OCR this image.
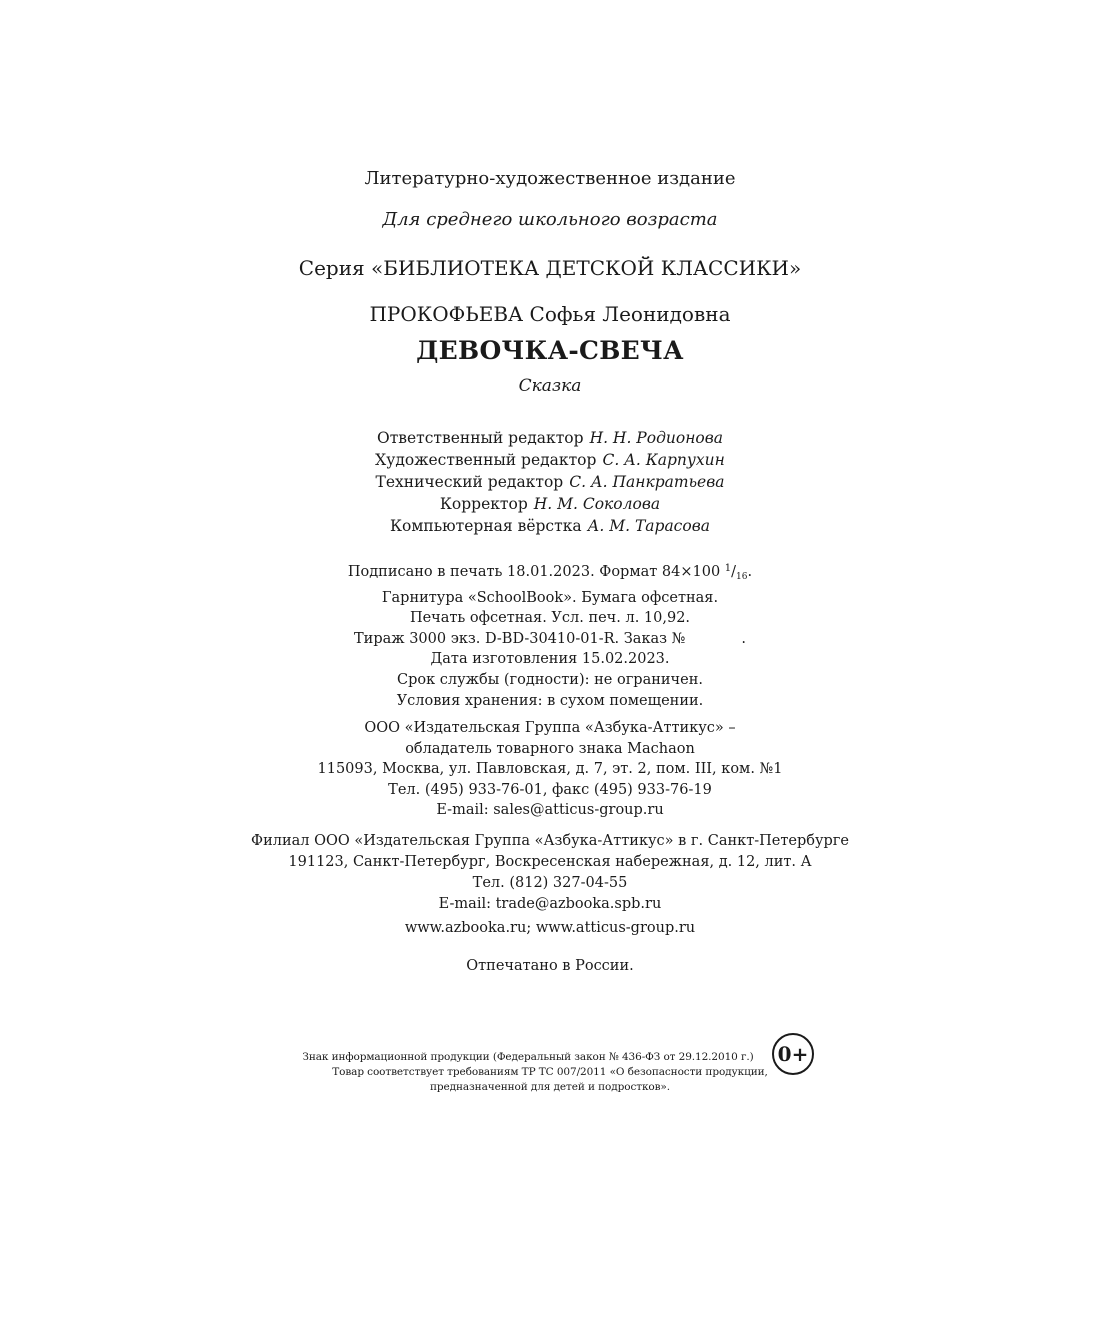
Литературно-художественное издание
Для среднего школьного возраста
Серия «БИБЛИОТЕКА ДЕТСКОЙ КЛАССИКИ»
ПРОКОФЬЕВА Софья Леонидовна
ДЕВОЧКА-СВЕЧА
Сказка
Ответственный редактор Н. Н. Родионова
Художественный редактор С. А. Карпухин
Технический редактор С. А. Панкратьева
Корректор Н. М. Соколова
Компьютерная вёрстка А. М. Тарасова
Подписано в печать 18.01.2023. Формат 84×100 $^1/_{16}$.
Гарнитура «SchoolBook». Бумага офсетная.
Печать офсетная. Усл. печ. л. 10,92.
Тираж 3000 экз. D-BD-30410-01-R. Заказ №	.
Дата изготовления 15.02.2023.
Срок службы (годности): не ограничен.
Условия хранения: в сухом помещении.
ООО «Издательская Группа «Азбука-Аттикус» –
обладатель товарного знака Machaon
115093, Москва, ул. Павловская, д. 7, эт. 2, пом. III, ком. №1
Тел. (495) 933-76-01, факс (495) 933-76-19
E-mail: sales@atticus-group.ru
Филиал ООО «Издательская Группа «Азбука-Аттикус» в г. Санкт-Петербурге
191123, Санкт-Петербург, Воскресенская набережная, д. 12, лит. А
Тел. (812) 327-04-55
E-mail: trade@azbooka.spb.ru
www.azbooka.ru; www.atticus-group.ru
Отпечатано в России.
Знак информационной продукции (Федеральный закон № 436-ФЗ от 29.12.2010 г.)
Товар соответствует требованиям ТР ТС 007/2011 «О безопасности продукции,
предназначенной для детей и подростков».
0+
